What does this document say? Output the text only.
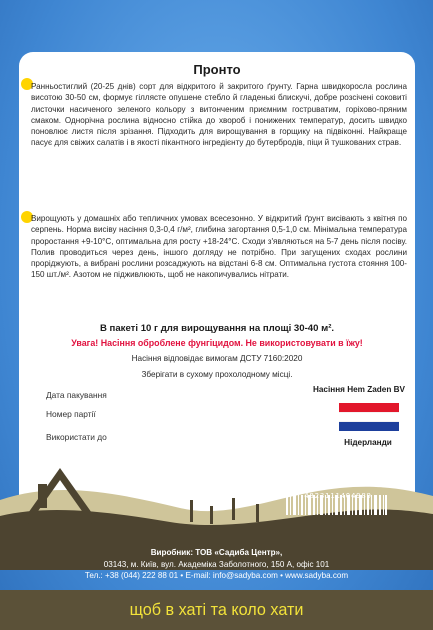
Пронто

Ранньостиглий (20-25 днів) сорт для відкритого й закритого ґрунту. Гарна швидкоросла рослина висотою 30-50 см, формує гіллясте опушене стебло й гладенькі блискучі, добре розсічені соковиті листочки насиченого зеленого кольору з витонченим приємним гострuватим, горіхово-пряним смаком. Однорічна рослина відносно стійка до хвороб і понижених температур, досить швидко поновлює листя після зрізання. Підходить для вирощування в горщику на підвіконні. Найкраще пасує для свіжих салатів і в якості пікантного інгредієнту до бутербродів, піци й тушкованих страв.

Вирощують у домашніх або тепличних умовах всесезонно. У відкритий ґрунт висівають з квітня по серпень. Норма висіву насіння 0,3-0,4 г/м², глибина загортання 0,5-1,0 см. Мінімальна температура проростання +9-10°С, оптимальна для росту +18-24°С. Сходи з'являються на 5-7 день після посіву. Полив проводиться через день, іншого догляду не потрібно. При загущених сходах рослини проріджують, а вибрані рослини розсаджують на відстані 6-8 см. Оптимальна густота стояння 100-150 шт./м². Азотом не підживлюють, щоб не накопичувались нітрати.

В пакеті 10 г для вирощування на площі 30-40 м².
Увага! Насіння оброблене фунгіцидом. Не використовувати в їжу!
Насіння відповідає вимогам ДСТУ 7160:2020
Зберігати в сухому прохолодному місці.
Дата пакування
Номер партії
Використати до
Насіння Hem Zaden BV
Нідерланди
4823111404989
Виробник: ТОВ «Садиба Центр»,
03143, м. Київ, вул. Академіка Заболотного, 150 А, офіс 101
Тел.: +38 (044) 222 88 01 • E-mail: info@sadyba.com • www.sadyba.com
щоб в хаті та коло хати
